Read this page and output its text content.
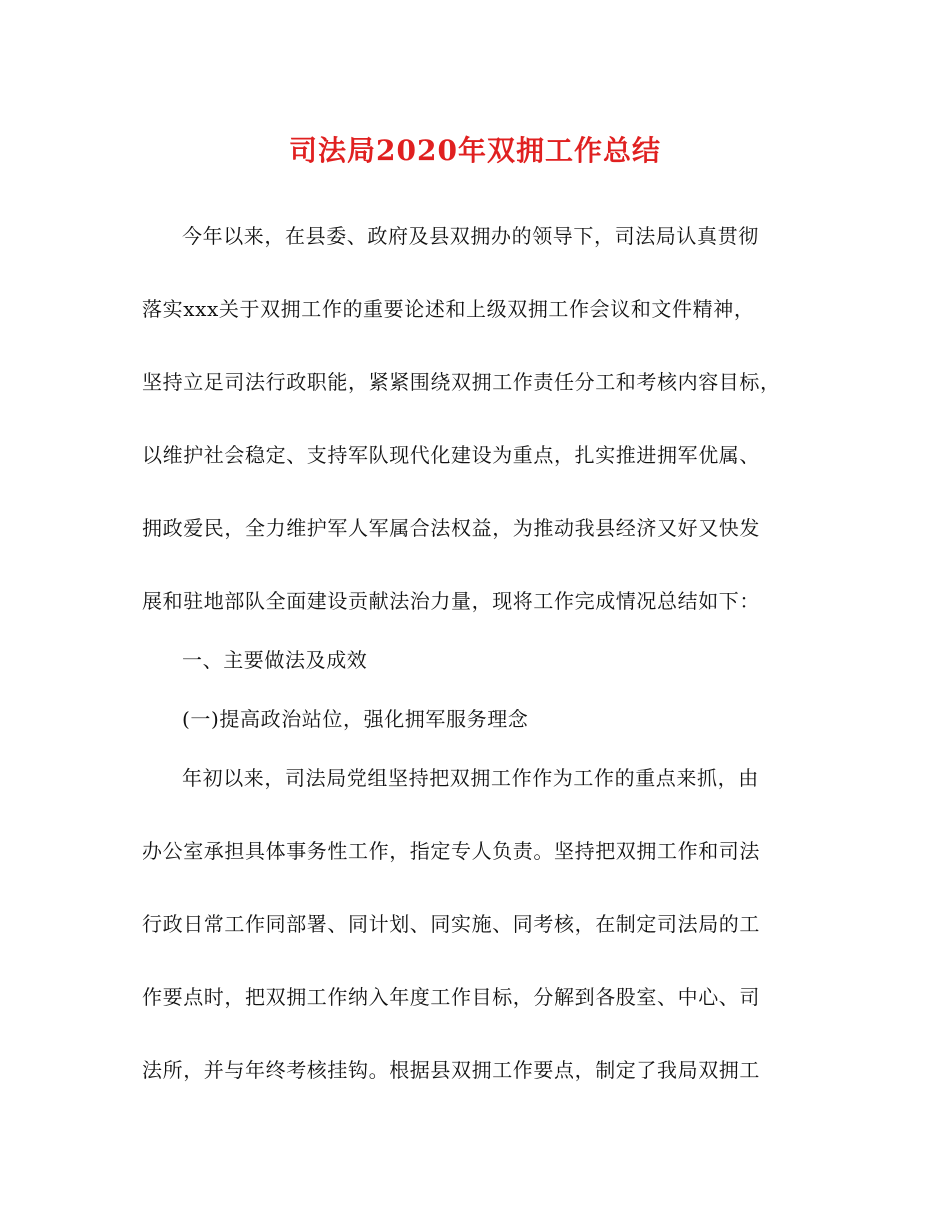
司法局2020年双拥工作总结
今年以来，在县委、政府及县双拥办的领导下，司法局认真贯彻
落实xxx关于双拥工作的重要论述和上级双拥工作会议和文件精神，
坚持立足司法行政职能，紧紧围绕双拥工作责任分工和考核内容目标，
以维护社会稳定、支持军队现代化建设为重点，扎实推进拥军优属、
拥政爱民，全力维护军人军属合法权益，为推动我县经济又好又快发
展和驻地部队全面建设贡献法治力量，现将工作完成情况总结如下：
一、主要做法及成效
(一)提高政治站位，强化拥军服务理念
年初以来，司法局党组坚持把双拥工作作为工作的重点来抓，由
办公室承担具体事务性工作，指定专人负责。坚持把双拥工作和司法
行政日常工作同部署、同计划、同实施、同考核，在制定司法局的工
作要点时，把双拥工作纳入年度工作目标，分解到各股室、中心、司
法所，并与年终考核挂钩。根据县双拥工作要点，制定了我局双拥工
